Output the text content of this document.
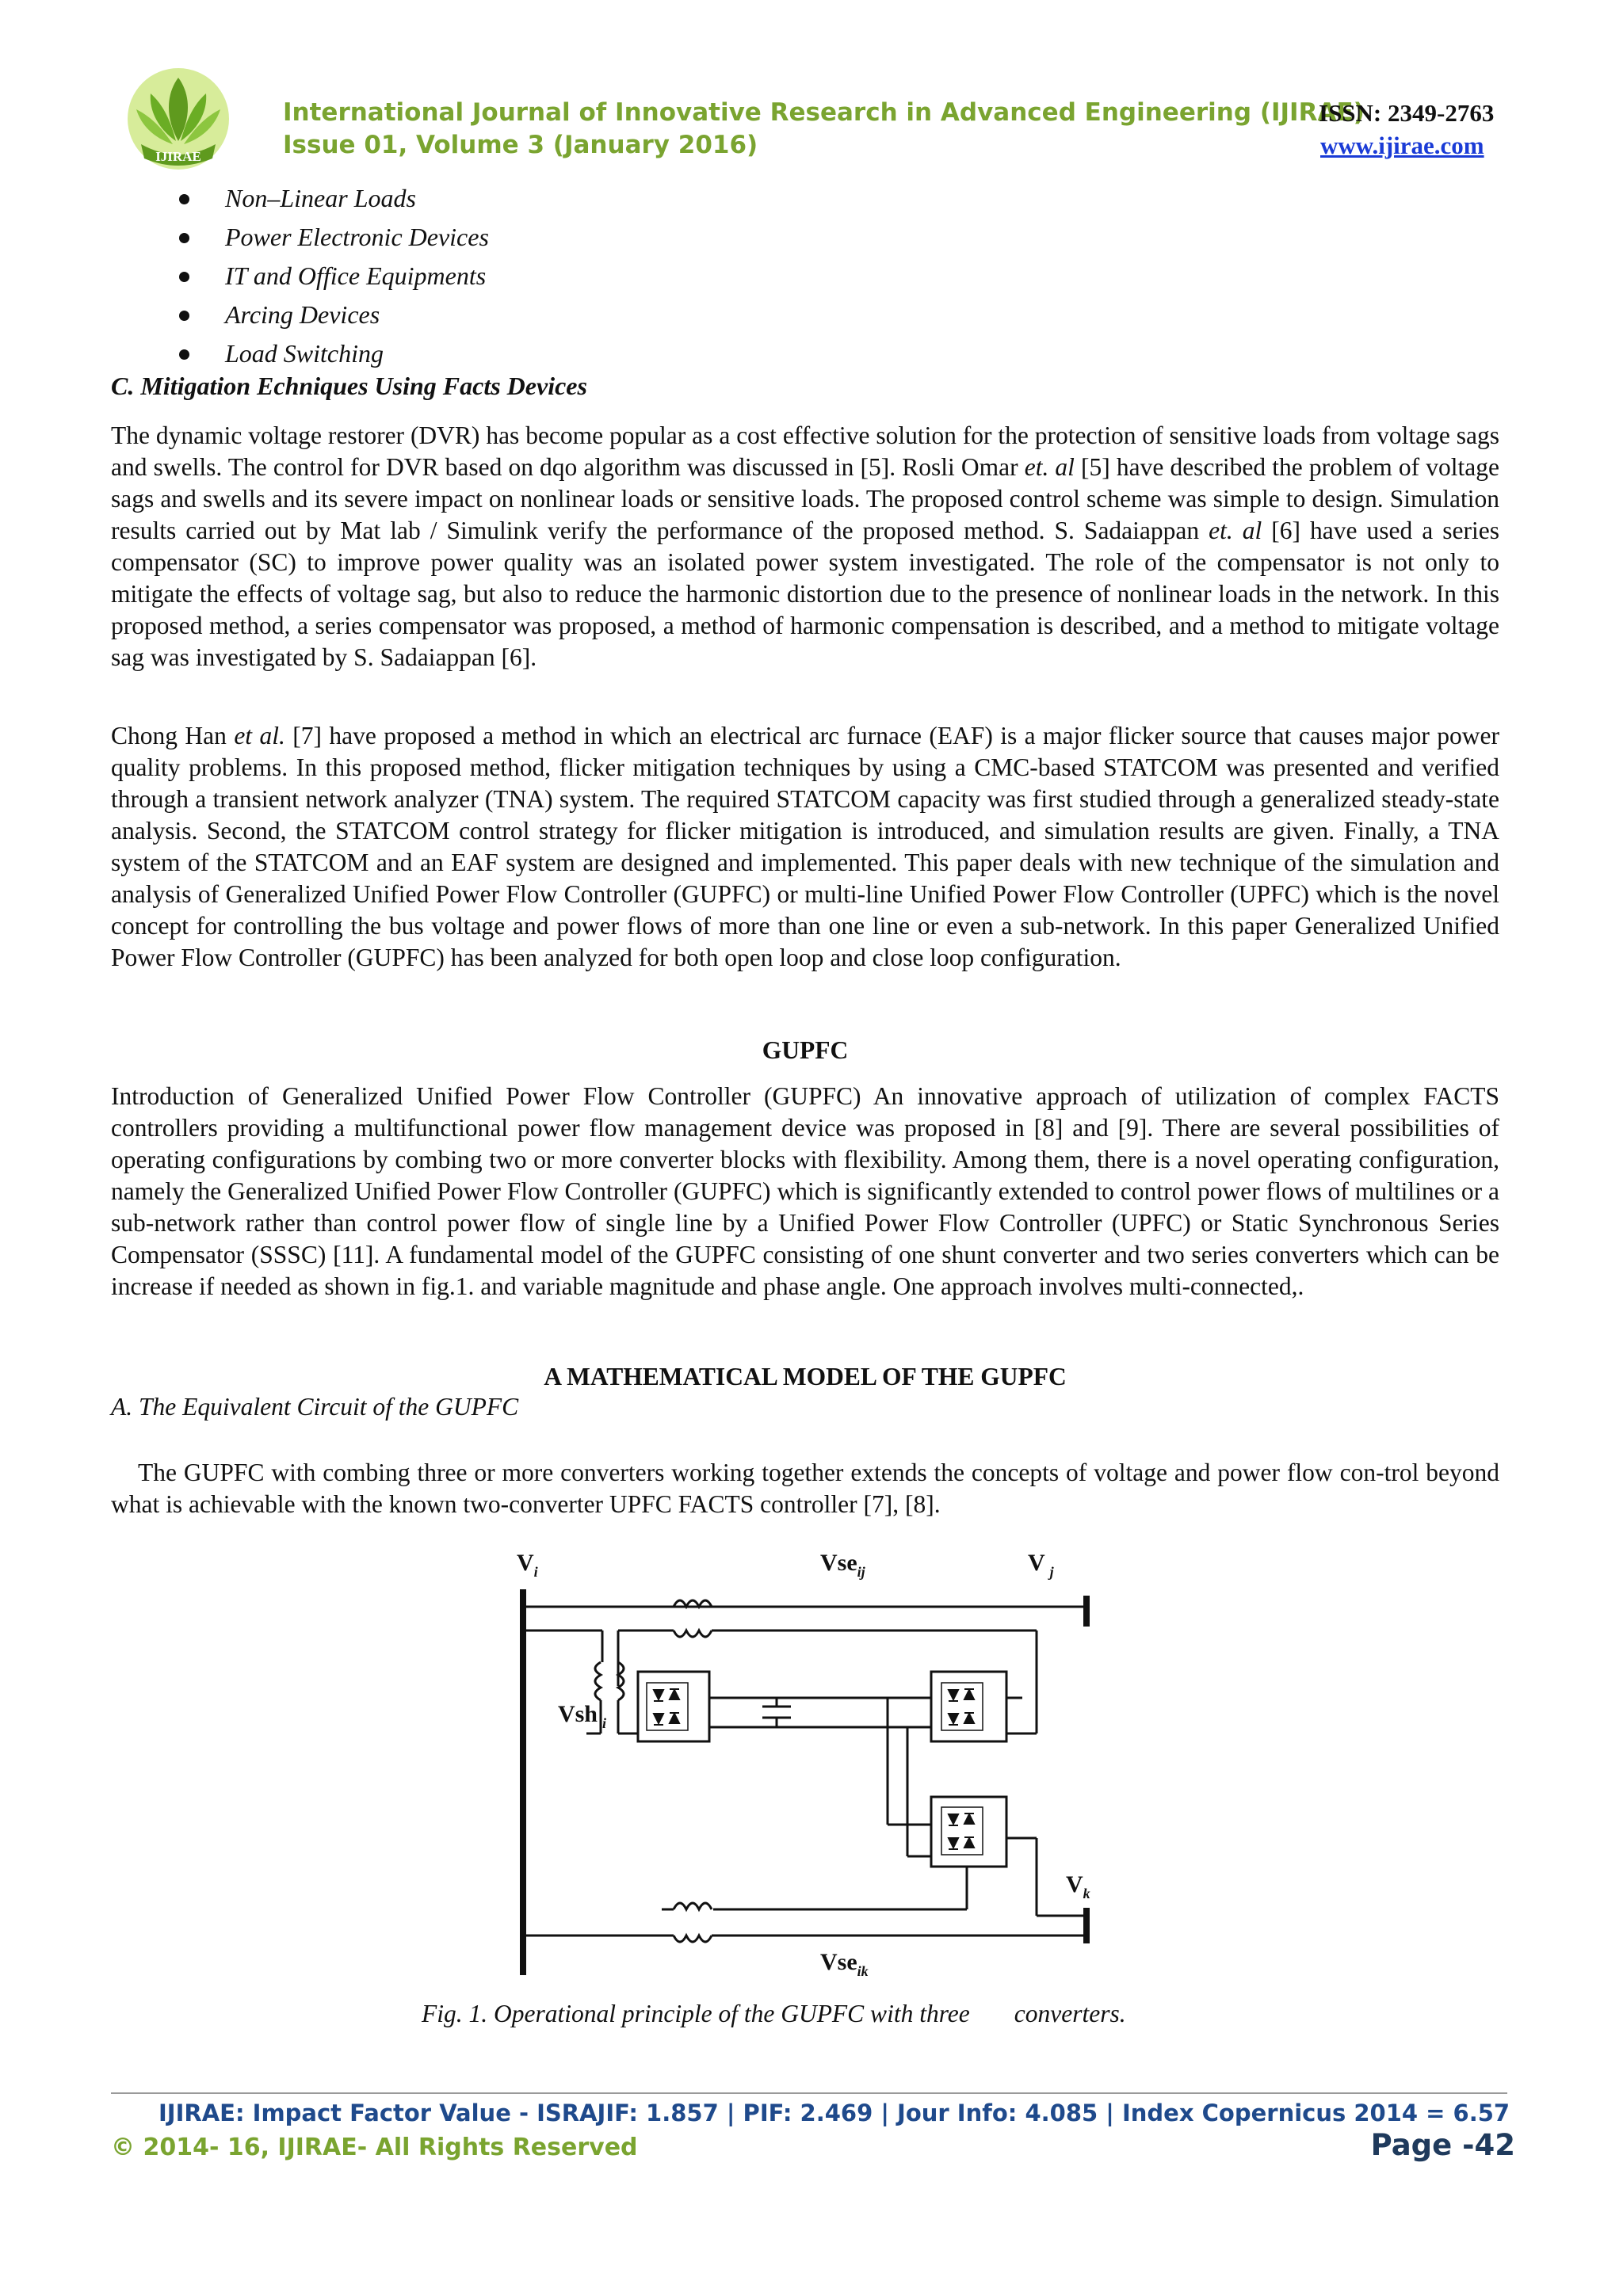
IJIRAE
International Journal of Innovative Research in Advanced Engineering (IJIRAE)
Issue 01, Volume 3 (January 2016)
ISSN: 2349-2763
www.ijirae.com
Non–Linear Loads
Power Electronic Devices
IT and Office Equipments
Arcing Devices
Load Switching
C. Mitigation Echniques Using Facts Devices

The dynamic voltage restorer (DVR) has become popular as a cost effective solution for the protection of sensitive loads from voltage sags and swells. The control for DVR based on dqo algorithm was discussed in [5]. Rosli Omar et. al [5] have described the problem of voltage sags and swells and its severe impact on nonlinear loads or sensitive loads. The proposed control scheme was simple to design. Simulation results carried out by Mat lab / Simulink verify the performance of the proposed method. S. Sadaiappan et. al [6] have used a series compensator (SC) to improve power quality was an isolated power system investigated. The role of the compensator is not only to mitigate the effects of voltage sag, but also to reduce the harmonic distortion due to the presence of nonlinear loads in the network. In this proposed method, a series compensator was proposed, a method of harmonic compensation is described, and a method to mitigate voltage sag was investigated by S. Sadaiappan [6].

Chong Han et al. [7] have proposed a method in which an electrical arc furnace (EAF) is a major flicker source that causes major power quality problems. In this proposed method, flicker mitigation techniques by using a CMC-based STATCOM was presented and verified through a transient network analyzer (TNA) system. The required STATCOM capacity was first studied through a generalized steady-state analysis. Second, the STATCOM control strategy for flicker mitigation is introduced, and simulation results are given. Finally, a TNA system of the STATCOM and an EAF system are designed and implemented. This paper deals with new technique of the simulation and analysis of Generalized Unified Power Flow Controller (GUPFC) or multi-line Unified Power Flow Controller (UPFC) which is the novel concept for controlling the bus voltage and power flows of more than one line or even a sub-network. In this paper Generalized Unified Power Flow Controller (GUPFC) has been analyzed for both open loop and close loop configuration.

GUPFC

Introduction of Generalized Unified Power Flow Controller (GUPFC) An innovative approach of utilization of complex FACTS controllers providing a multifunctional power flow management device was proposed in [8] and [9]. There are several possibilities of operating configurations by combing two or more converter blocks with flexibility. Among them, there is a novel operating configuration, namely the Generalized Unified Power Flow Controller (GUPFC) which is significantly extended to control power flows of multilines or a sub-network rather than control power flow of single line by a Unified Power Flow Controller (UPFC) or Static Synchronous Series Compensator (SSSC) [11]. A fundamental model of the GUPFC consisting of one shunt converter and two series converters which can be increase if needed as shown in fig.1. and variable magnitude and phase angle. One approach involves multi-connected,.

A MATHEMATICAL MODEL OF THE GUPFC
A. The Equivalent Circuit of the GUPFC

The GUPFC with combing three or more converters working together extends the concepts of voltage and power flow con-trol beyond what is achievable with the known two-converter UPFC FACTS controller [7], [8].

$V_i$	Vse$_{ij}$	V $_j$
Vsh $_i$
$V_k$
Vse$_{ik}$
Fig. 1. Operational principle of the GUPFC with three converters.
IJIRAE: Impact Factor Value - ISRAJIF: 1.857 | PIF: 2.469 | Jour Info: 4.085 | Index Copernicus 2014 = 6.57
© 2014- 16, IJIRAE- All Rights Reserved	Page -42
